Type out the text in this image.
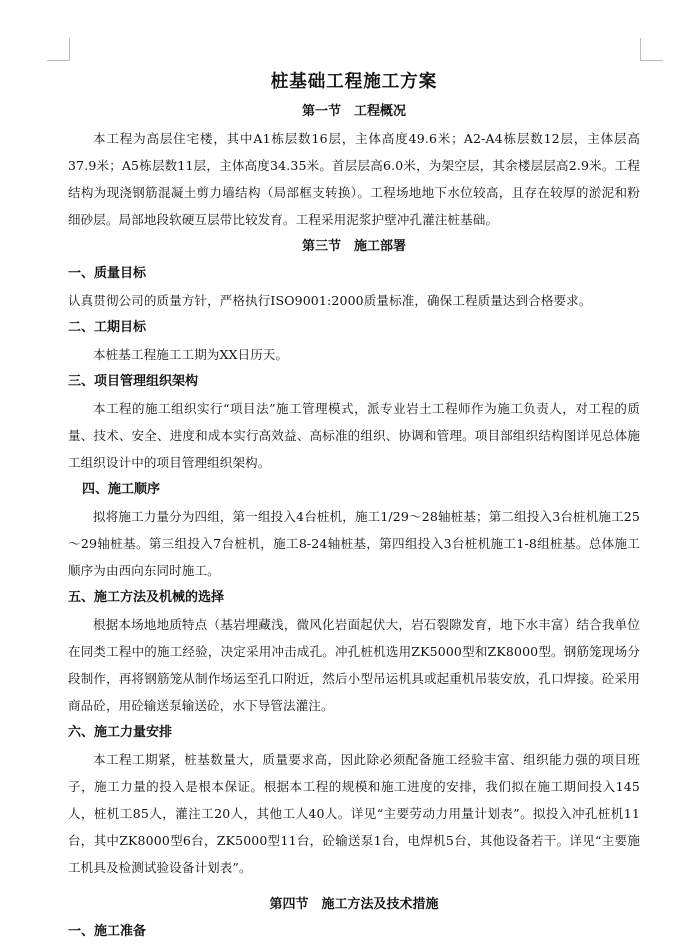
桩基础工程施工方案
第一节　工程概况

本工程为高层住宅楼，其中A1栋层数16层，主体高度49.6米；A2-A4栋层数12层，主体层高37.9米；A5栋层数11层，主体高度34.35米。首层层高6.0米，为架空层，其余楼层层高2.9米。工程结构为现浇钢筋混凝土剪力墙结构（局部框支转换）。工程场地地下水位较高，且存在较厚的淤泥和粉细砂层。局部地段软硬互层带比较发育。工程采用泥浆护壁冲孔灌注桩基础。

第三节　施工部署
一、质量目标

认真贯彻公司的质量方针，严格执行ISO9001:2000质量标准，确保工程质量达到合格要求。

二、工期目标

本桩基工程施工工期为XX日历天。

三、项目管理组织架构

本工程的施工组织实行“项目法”施工管理模式，派专业岩土工程师作为施工负责人，对工程的质量、技术、安全、进度和成本实行高效益、高标准的组织、协调和管理。项目部组织结构图详见总体施工组织设计中的项目管理组织架构。

四、施工顺序

拟将施工力量分为四组，第一组投入4台桩机，施工1/29～28轴桩基；第二组投入3台桩机施工25～29轴桩基。第三组投入7台桩机，施工8-24轴桩基，第四组投入3台桩机施工1-8组桩基。总体施工顺序为由西向东同时施工。

五、施工方法及机械的选择

根据本场地地质特点（基岩埋藏浅，微风化岩面起伏大，岩石裂隙发育，地下水丰富）结合我单位在同类工程中的施工经验，决定采用冲击成孔。冲孔桩机选用ZK5000型和ZK8000型。钢筋笼现场分段制作，再将钢筋笼从制作场运至孔口附近，然后小型吊运机具或起重机吊装安放，孔口焊接。砼采用商品砼，用砼输送泵输送砼，水下导管法灌注。

六、施工力量安排

本工程工期紧，桩基数量大，质量要求高，因此除必须配备施工经验丰富、组织能力强的项目班子，施工力量的投入是根本保证。根据本工程的规模和施工进度的安排，我们拟在施工期间投入145人，桩机工85人，灌注工20人，其他工人40人。详见“主要劳动力用量计划表”。拟投入冲孔桩机11台，其中ZK8000型6台，ZK5000型11台，砼输送泵1台，电焊机5台，其他设备若干。详见“主要施工机具及检测试验设备计划表”。

第四节　施工方法及技术措施
一、施工准备
